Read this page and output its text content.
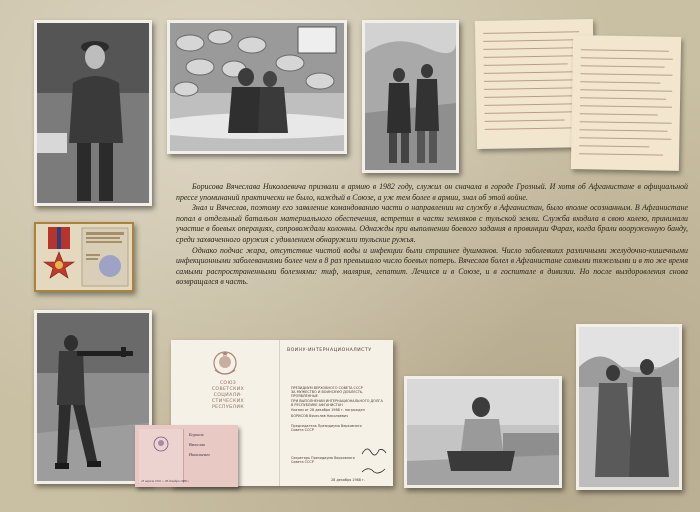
Борисова Вячеслава Николаевича призвали в армию в 1982 году, служил он сначала в городе Грозный. И хотя об Афганистане в официальной прессе упоминаний практически не было, каждый в Союзе, а уж тем более в армии, знал об этой войне.

Знал и Вячеслав, поэтому его заявление командованию части о направлении на службу в Афганистан, было вполне осознанным. В Афганистане попал в отдельный батальон материального обеспечения, встретил в части земляков с тульской земли. Служба входила в свою колею, принимали участие в боевых операциях, сопровождали колонны. Однажды при выполнении боевого задания в провинции Фарах, когда брали вооруженную банду, среди захваченного оружия с удивлением обнаружили тульские ружья.

Однако подчас жара, отсутствие чистой воды и инфекции были страшнее душманов. Число заболевших различными желудочно-кишечными инфекционными заболеваниями более чем в 8 раз превышало число боевых потерь. Вячеслав болел в Афганистане самыми тяжелыми и в то же время самыми распространенными болезнями: тиф, малярия, гепатит. Лечился и в Союзе, и в госпитале в дивизии. Но после выздоровления снова возвращался в часть.

СОЮЗ
СОВЕТСКИХ
СОЦИАЛИ-
СТИЧЕСКИХ
РЕСПУБЛИК
ВОИНУ-ИНТЕРНАЦИОНАЛИСТУ
ПРЕЗИДИУМ ВЕРХОВНОГО СОВЕТА СССР
ЗА МУЖЕСТВО И ВОИНСКУЮ ДОБЛЕСТЬ, ПРОЯВЛЕННЫЕ
ПРИ ВЫПОЛНЕНИИ ИНТЕРНАЦИОНАЛЬНОГО ДОЛГА
В РЕСПУБЛИКЕ АФГАНИСТАН
Указом от 28 декабря 1988 г. награжден
БОРИСОВ Вячеслав Николаевич
Председатель Президиума Верховного Совета СССР
Секретарь Президиума Верховного Совета СССР
28 декабря 1988 г.
Борисов
Вячеслав
Николаевич
23 апреля 1991 г. 28 декабря 1988 г.
